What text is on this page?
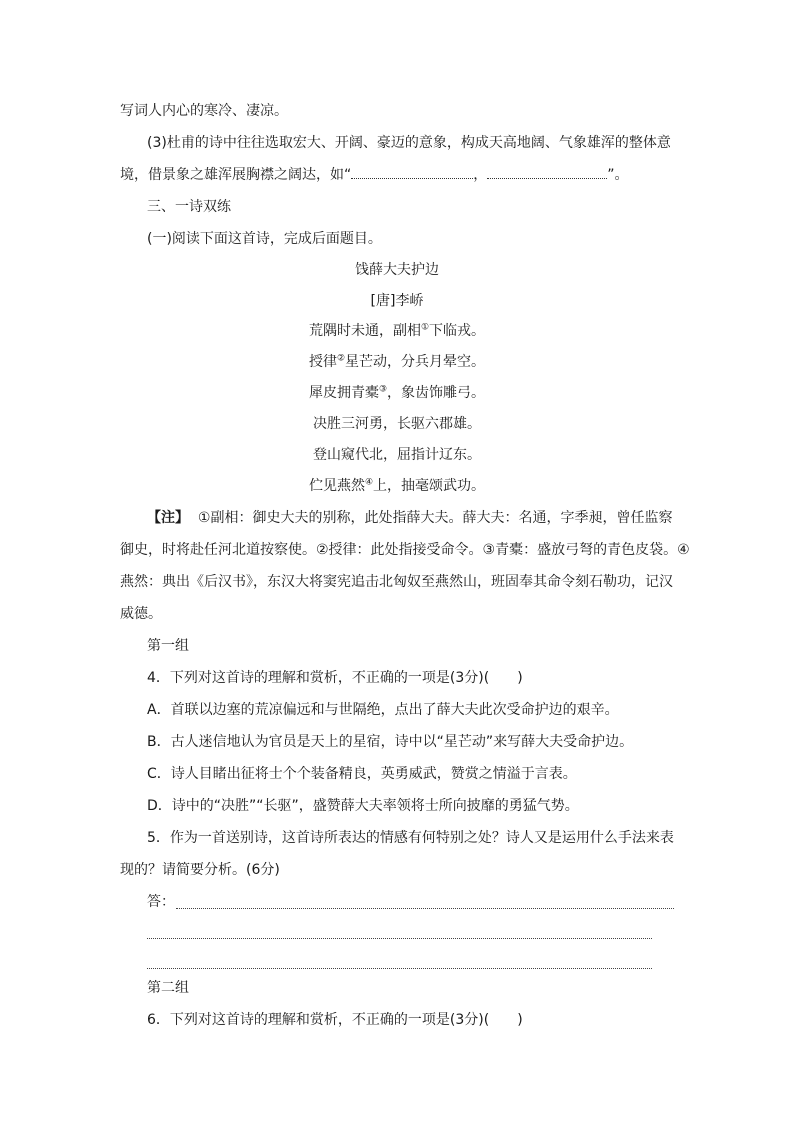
写词人内心的寒冷、凄凉。
(3)杜甫的诗中往往选取宏大、开阔、豪迈的意象，构成天高地阔、气象雄浑的整体意
境，借景象之雄浑展胸襟之阔达，如“	，	”。
三、一诗双练
(一)阅读下面这首诗，完成后面题目。
饯薛大夫护边
[唐]李峤
荒隅时未通，副相①下临戎。
授律②星芒动，分兵月晕空。
犀皮拥青橐③，象齿饰雕弓。
决胜三河勇，长驱六郡雄。
登山窥代北，屈指计辽东。
伫见燕然④上，抽毫颂武功。
【注】 ①副相：御史大夫的别称，此处指薛大夫。薛大夫：名通，字季昶，曾任监察
御史，时将赴任河北道按察使。②授律：此处指接受命令。③青橐：盛放弓弩的青色皮袋。④
燕然：典出《后汉书》，东汉大将窦宪追击北匈奴至燕然山，班固奉其命令刻石勒功，记汉
威德。
第一组
4．下列对这首诗的理解和赏析，不正确的一项是(3分)(　　)
A．首联以边塞的荒凉偏远和与世隔绝，点出了薛大夫此次受命护边的艰辛。
B．古人迷信地认为官员是天上的星宿，诗中以“星芒动”来写薛大夫受命护边。
C．诗人目睹出征将士个个装备精良，英勇威武，赞赏之情溢于言表。
D．诗中的“决胜”“长驱”，盛赞薛大夫率领将士所向披靡的勇猛气势。
5．作为一首送别诗，这首诗所表达的情感有何特别之处？诗人又是运用什么手法来表
现的？请简要分析。(6分)
答：
第二组
6．下列对这首诗的理解和赏析，不正确的一项是(3分)(　　)
